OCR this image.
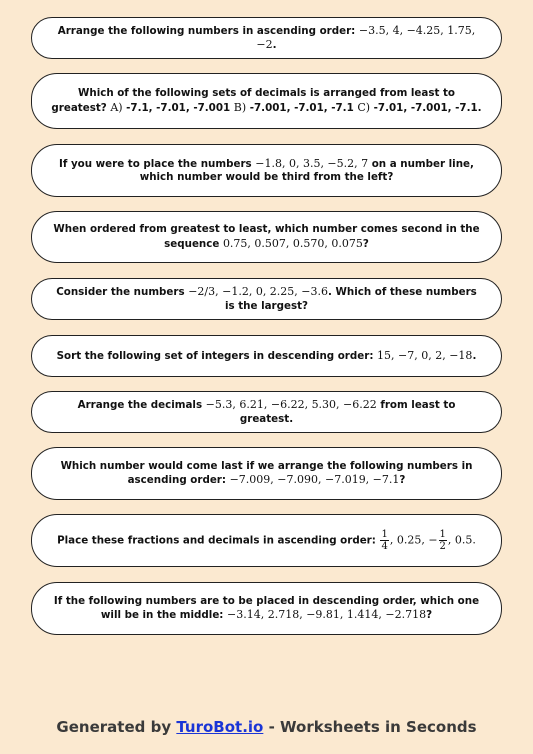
Arrange the following numbers in ascending order: −3.5, 4, −4.25, 1.75, −2.
Which of the following sets of decimals is arranged from least to greatest? A) -7.1, -7.01, -7.001 B) -7.001, -7.01, -7.1 C) -7.01, -7.001, -7.1.
If you were to place the numbers −1.8, 0, 3.5, −5.2, 7 on a number line, which number would be third from the left?
When ordered from greatest to least, which number comes second in the sequence 0.75, 0.507, 0.570, 0.075?
Consider the numbers −2/3, −1.2, 0, 2.25, −3.6. Which of these numbers is the largest?
Sort the following set of integers in descending order: 15, −7, 0, 2, −18.
Arrange the decimals −5.3, 6.21, −6.22, 5.30, −6.22 from least to greatest.
Which number would come last if we arrange the following numbers in ascending order: −7.009, −7.090, −7.019, −7.1?
Place these fractions and decimals in ascending order: $\frac{1}{4}$ , 0.25, − $\frac{1}{2}$ , 0.5.
If the following numbers are to be placed in descending order, which one will be in the middle: −3.14, 2.718, −9.81, 1.414, −2.718?
Generated by TuroBot.io - Worksheets in Seconds
